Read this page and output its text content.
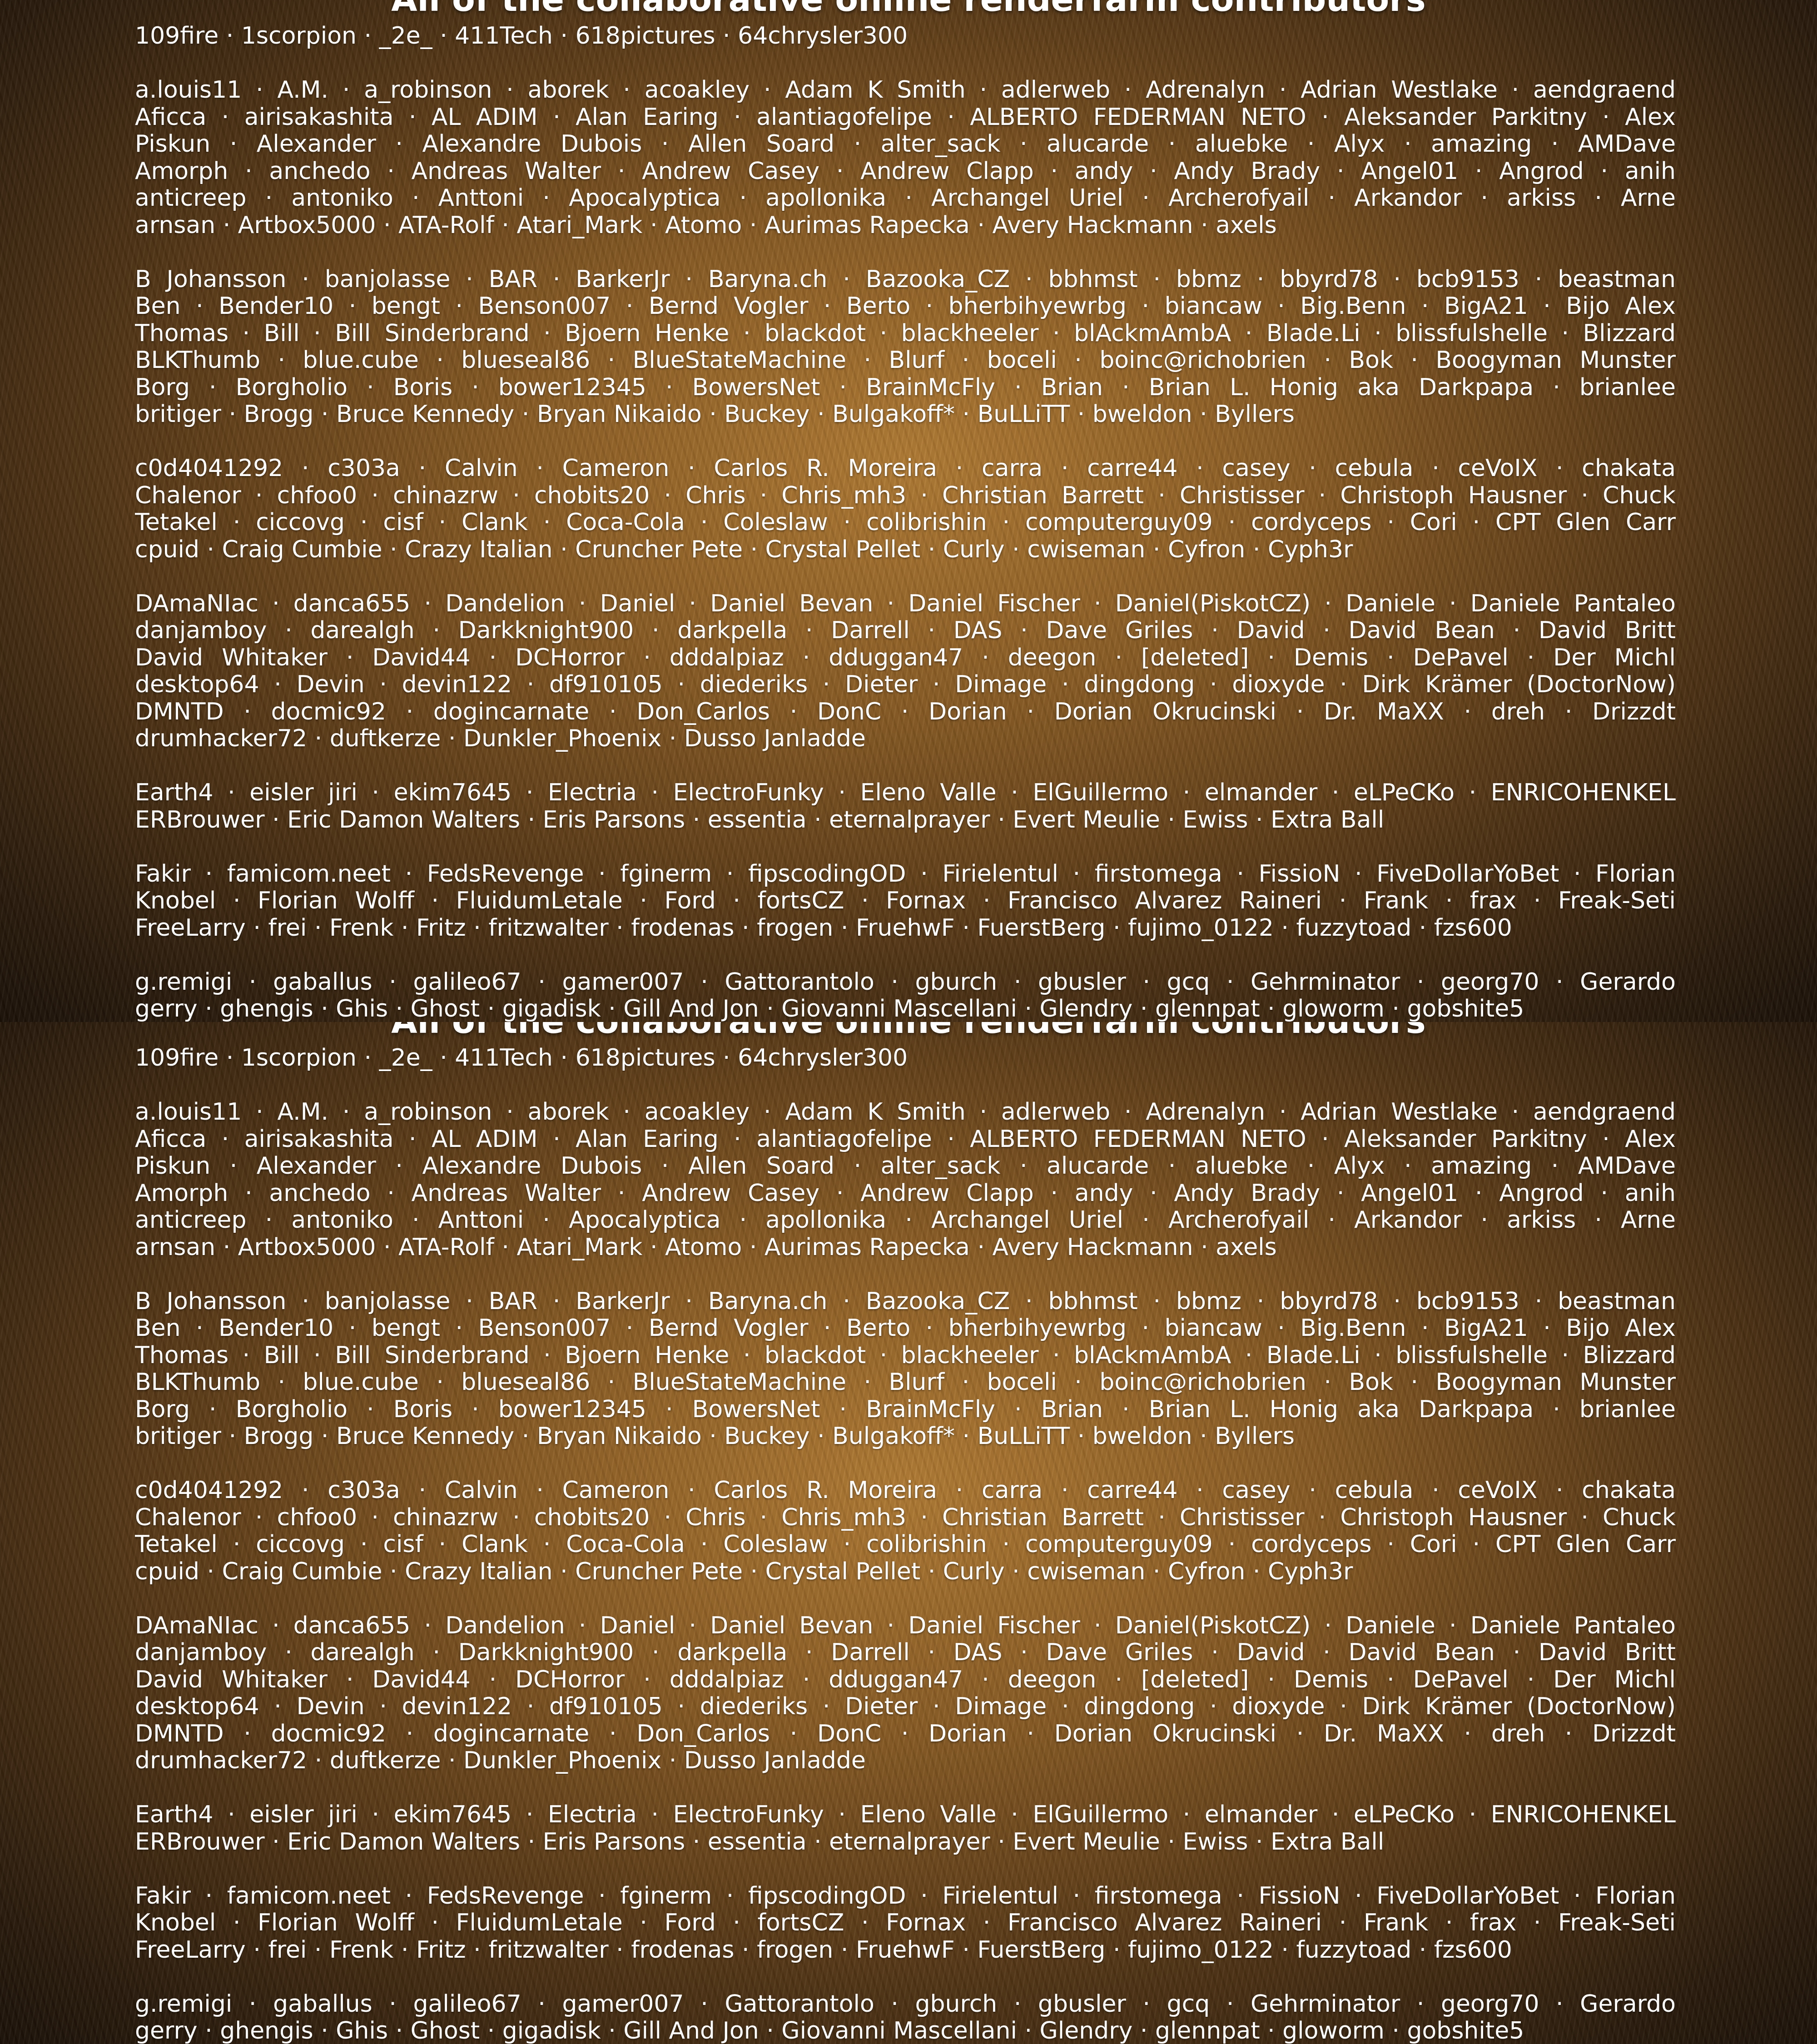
109fire · 1scorpion · _2e_ · 411Tech · 618pictures · 64chrysler300
a.louis11 · A.M. · a_robinson · aborek · acoakley · Adam K Smith · adlerweb · Adrenalyn · Adrian Westlake · aendgraend
Aficca · airisakashita · AL ADIM · Alan Earing · alantiagofelipe · ALBERTO FEDERMAN NETO · Aleksander Parkitny · Alex
Piskun · Alexander · Alexandre Dubois · Allen Soard · alter_sack · alucarde · aluebke · Alyx · amazing · AMDave
Amorph · anchedo · Andreas Walter · Andrew Casey · Andrew Clapp · andy · Andy Brady · Angel01 · Angrod · anih
anticreep · antoniko · Anttoni · Apocalyptica · apollonika · Archangel Uriel · Archerofyail · Arkandor · arkiss · Arne
arnsan · Artbox5000 · ATA-Rolf · Atari_Mark · Atomo · Aurimas Rapecka · Avery Hackmann · axels
B Johansson · banjolasse · BAR · BarkerJr · Baryna.ch · Bazooka_CZ · bbhmst · bbmz · bbyrd78 · bcb9153 · beastman
Ben · Bender10 · bengt · Benson007 · Bernd Vogler · Berto · bherbihyewrbg · biancaw · Big.Benn · BigA21 · Bijo Alex
Thomas · Bill · Bill Sinderbrand · Bjoern Henke · blackdot · blackheeler · blAckmAmbA · Blade.Li · blissfulshelle · Blizzard
BLKThumb · blue.cube · blueseal86 · BlueStateMachine · Blurf · boceli · boinc@richobrien · Bok · Boogyman Munster
Borg · Borgholio · Boris · bower12345 · BowersNet · BrainMcFly · Brian · Brian L. Honig aka Darkpapa · brianlee
britiger · Brogg · Bruce Kennedy · Bryan Nikaido · Buckey · Bulgakoff* · BuLLiTT · bweldon · Byllers
c0d4041292 · c303a · Calvin · Cameron · Carlos R. Moreira · carra · carre44 · casey · cebula · ceVoIX · chakata
Chalenor · chfoo0 · chinazrw · chobits20 · Chris · Chris_mh3 · Christian Barrett · Christisser · Christoph Hausner · Chuck
Tetakel · ciccovg · cisf · Clank · Coca-Cola · Coleslaw · colibrishin · computerguy09 · cordyceps · Cori · CPT Glen Carr
cpuid · Craig Cumbie · Crazy Italian · Cruncher Pete · Crystal Pellet · Curly · cwiseman · Cyfron · Cyph3r
DAmaNIac · danca655 · Dandelion · Daniel · Daniel Bevan · Daniel Fischer · Daniel(PiskotCZ) · Daniele · Daniele Pantaleo
danjamboy · darealgh · Darkknight900 · darkpella · Darrell · DAS · Dave Griles · David · David Bean · David Britt
David Whitaker · David44 · DCHorror · dddalpiaz · dduggan47 · deegon · [deleted] · Demis · DePavel · Der Michl
desktop64 · Devin · devin122 · df910105 · diederiks · Dieter · Dimage · dingdong · dioxyde · Dirk Krämer (DoctorNow)
DMNTD · docmic92 · dogincarnate · Don_Carlos · DonC · Dorian · Dorian Okrucinski · Dr. MaXX · dreh · Drizzdt
drumhacker72 · duftkerze · Dunkler_Phoenix · Dusso Janladde
Earth4 · eisler jiri · ekim7645 · Electria · ElectroFunky · Eleno Valle · ElGuillermo · elmander · eLPeCKo · ENRICOHENKEL
ERBrouwer · Eric Damon Walters · Eris Parsons · essentia · eternalprayer · Evert Meulie · Ewiss · Extra Ball
Fakir · famicom.neet · FedsRevenge · fginerm · fipscodingOD · Firielentul · firstomega · FissioN · FiveDollarYoBet · Florian
Knobel · Florian Wolff · FluidumLetale · Ford · fortsCZ · Fornax · Francisco Alvarez Raineri · Frank · frax · Freak-Seti
FreeLarry · frei · Frenk · Fritz · fritzwalter · frodenas · frogen · FruehwF · FuerstBerg · fujimo_0122 · fuzzytoad · fzs600
g.remigi · gaballus · galileo67 · gamer007 · Gattorantolo · gburch · gbusler · gcq · Gehrminator · georg70 · Gerardo
gerry · ghengis · Ghis · Ghost · gigadisk · Gill And Jon · Giovanni Mascellani · Glendry · glennpat · gloworm · gobshite5
109fire · 1scorpion · _2e_ · 411Tech · 618pictures · 64chrysler300
a.louis11 · A.M. · a_robinson · aborek · acoakley · Adam K Smith · adlerweb · Adrenalyn · Adrian Westlake · aendgraend
Aficca · airisakashita · AL ADIM · Alan Earing · alantiagofelipe · ALBERTO FEDERMAN NETO · Aleksander Parkitny · Alex
Piskun · Alexander · Alexandre Dubois · Allen Soard · alter_sack · alucarde · aluebke · Alyx · amazing · AMDave
Amorph · anchedo · Andreas Walter · Andrew Casey · Andrew Clapp · andy · Andy Brady · Angel01 · Angrod · anih
anticreep · antoniko · Anttoni · Apocalyptica · apollonika · Archangel Uriel · Archerofyail · Arkandor · arkiss · Arne
arnsan · Artbox5000 · ATA-Rolf · Atari_Mark · Atomo · Aurimas Rapecka · Avery Hackmann · axels
B Johansson · banjolasse · BAR · BarkerJr · Baryna.ch · Bazooka_CZ · bbhmst · bbmz · bbyrd78 · bcb9153 · beastman
Ben · Bender10 · bengt · Benson007 · Bernd Vogler · Berto · bherbihyewrbg · biancaw · Big.Benn · BigA21 · Bijo Alex
Thomas · Bill · Bill Sinderbrand · Bjoern Henke · blackdot · blackheeler · blAckmAmbA · Blade.Li · blissfulshelle · Blizzard
BLKThumb · blue.cube · blueseal86 · BlueStateMachine · Blurf · boceli · boinc@richobrien · Bok · Boogyman Munster
Borg · Borgholio · Boris · bower12345 · BowersNet · BrainMcFly · Brian · Brian L. Honig aka Darkpapa · brianlee
britiger · Brogg · Bruce Kennedy · Bryan Nikaido · Buckey · Bulgakoff* · BuLLiTT · bweldon · Byllers
c0d4041292 · c303a · Calvin · Cameron · Carlos R. Moreira · carra · carre44 · casey · cebula · ceVoIX · chakata
Chalenor · chfoo0 · chinazrw · chobits20 · Chris · Chris_mh3 · Christian Barrett · Christisser · Christoph Hausner · Chuck
Tetakel · ciccovg · cisf · Clank · Coca-Cola · Coleslaw · colibrishin · computerguy09 · cordyceps · Cori · CPT Glen Carr
cpuid · Craig Cumbie · Crazy Italian · Cruncher Pete · Crystal Pellet · Curly · cwiseman · Cyfron · Cyph3r
DAmaNIac · danca655 · Dandelion · Daniel · Daniel Bevan · Daniel Fischer · Daniel(PiskotCZ) · Daniele · Daniele Pantaleo
danjamboy · darealgh · Darkknight900 · darkpella · Darrell · DAS · Dave Griles · David · David Bean · David Britt
David Whitaker · David44 · DCHorror · dddalpiaz · dduggan47 · deegon · [deleted] · Demis · DePavel · Der Michl
desktop64 · Devin · devin122 · df910105 · diederiks · Dieter · Dimage · dingdong · dioxyde · Dirk Krämer (DoctorNow)
DMNTD · docmic92 · dogincarnate · Don_Carlos · DonC · Dorian · Dorian Okrucinski · Dr. MaXX · dreh · Drizzdt
drumhacker72 · duftkerze · Dunkler_Phoenix · Dusso Janladde
Earth4 · eisler jiri · ekim7645 · Electria · ElectroFunky · Eleno Valle · ElGuillermo · elmander · eLPeCKo · ENRICOHENKEL
ERBrouwer · Eric Damon Walters · Eris Parsons · essentia · eternalprayer · Evert Meulie · Ewiss · Extra Ball
Fakir · famicom.neet · FedsRevenge · fginerm · fipscodingOD · Firielentul · firstomega · FissioN · FiveDollarYoBet · Florian
Knobel · Florian Wolff · FluidumLetale · Ford · fortsCZ · Fornax · Francisco Alvarez Raineri · Frank · frax · Freak-Seti
FreeLarry · frei · Frenk · Fritz · fritzwalter · frodenas · frogen · FruehwF · FuerstBerg · fujimo_0122 · fuzzytoad · fzs600
g.remigi · gaballus · galileo67 · gamer007 · Gattorantolo · gburch · gbusler · gcq · Gehrminator · georg70 · Gerardo
gerry · ghengis · Ghis · Ghost · gigadisk · Gill And Jon · Giovanni Mascellani · Glendry · glennpat · gloworm · gobshite5
